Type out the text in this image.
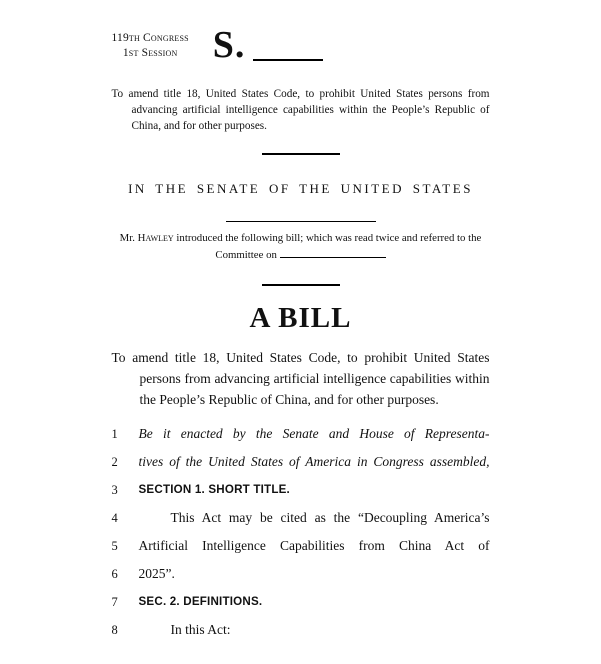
119th Congress
1st Session S.

To amend title 18, United States Code, to prohibit United States persons from advancing artificial intelligence capabilities within the People’s Republic of China, and for other purposes.

IN THE SENATE OF THE UNITED STATES

Mr. Hawley introduced the following bill; which was read twice and referred to the Committee on

A BILL

To amend title 18, United States Code, to prohibit United States persons from advancing artificial intelligence capabilities within the People’s Republic of China, and for other purposes.

1	Be it enacted by the Senate and House of Representa-
2	tives of the United States of America in Congress assembled,
3	SECTION 1. SHORT TITLE.
4	This Act may be cited as the “Decoupling America’s
5	Artificial Intelligence Capabilities from China Act of
6	2025”.
7	SEC. 2. DEFINITIONS.
8	In this Act:
